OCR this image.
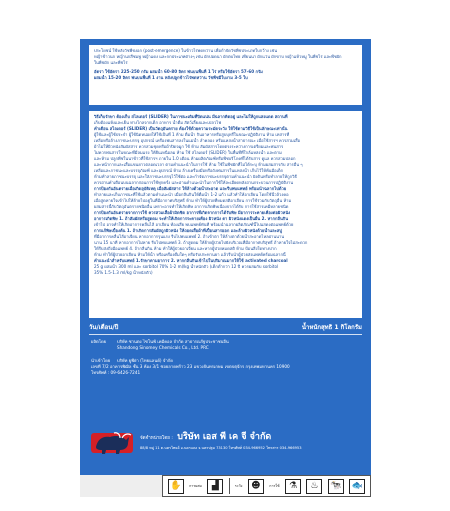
ประโยชน์ ใช้หลังวัชพืชงอก (post-emergence) ในข้าวไร่พดหว่าน เพื่อกำจัดวัชพืชประเภทใบกว้าง เช่น
หญ้าข้าวนก หญ้านกสีชมพู หญ้าแดง และกกประเภทต่างๆ เช่น ผักปอดนา ผักตบไทย เทียนนา ผักแว่น ผักขาบ หญ้าแห้วหมู ในพืชไร่ และพืชผัก
ในพืชผัก และพืชไร่
อัตรา ใช้อัตรา 225-250 กรัม ผสมน้ำ 60-80 ลิตร พ่นบนพื้นที่ 1 ไร่ หรือใช้อัตรา 57-60 กรัม
ผสมน้ำ 15-20 ลิตร พ่นบนพื้นที่ 1 งาน หลังปลูกข้าวไร่พดหว่าน วัชพืชมีใบงาม 3-5 ใบ
วิธีเก็บรักษา ต้องเก็บ สไลเดอร์ (SLIDER) ในภาชนะเดิมที่ปิดแน่น มีฉลากติดอยู่ และไม่ให้ถูกแสงแดด สถานที่
เก็บต้องแห้งและเย็น ห่างไกลจากเด็ก อาหาร น้ำดื่ม สัตว์เลี้ยงและเปลวไฟ
คำเตือน สไลเดอร์ (SLIDER) เป็นวัตถุอันตราย ต้องใช้ด้วยความระมัดระวัง ให้ใช้ตามวิธีใช้เป็นลักษณะเท่านั้น
ผู้ใช้และผู้ใช้ประจำ ผู้ใช้นิดหน่อยให้ใช้เป็นที่ 1 ห้าม ดื่มน้ำ กินอาหารหรือสูบบุหรี่ในขณะปฏิบัติงาน ห้าม เทสารที่
เหลือหรือล้างภาชนะบรรจุ อุปกรณ์ เครื่องพ่นสารลงในแม่น้ำ ลำคลอง หรือแหล่งน้ำสาธารณะ เมื่อใช้สารฯ ควรสวมเสื้อ
ผ้าไม่ให้ผิวหนังสัมผัสสาร ควรสวมชุดหรือผ้าปิดจมูก ใช้ ห้าม สัมผัสสารโดยตรงระหว่างการเตรียมและพ่นสาร
ไม่ควรพ่นสารในขณะที่มีลมแรง ให้ยืนเหนือลม ห้าม ใช้ สไลเดอร์ (SLIDER) ในพื้นที่ที่ใกล้แหล่งน้ำ และตาม
และห้าม ปลูกพืชในนาข้าวที่ใช้สารฯ ภายใน 1.0 เดือน ห้ามผลิตภัณฑ์หรือพืชบริโภคที่ได้รับสาร ดูแล ควรสวมปลอก
และหน้ากากและเสื้อแขนยาวตลอดเวลา ตามคำแนะนำในการใช้ ห้าม ใช้ในพืชผักที่ไม่ได้ระบุ ห้ามผสมสารกับ สารอื่น ๆ
เหลือและภาชนะและบรรจุภัณฑ์ และอุปกรณ์ ห้าม ล้างเครื่องมือหรือถังพ่นสารในแหล่งน้ำ เก็บไว้ให้พ้นมือเด็ก
ห้ามทำลายภาชนะบรรจุ และใส่ภาชนะบรรจุไว้ใช้ต่อ และกำจัดภาชนะบรรจุตามคำแนะนำ ฝังดินหรือทำลายให้ถูกวิธี
ควรอ่านคำเตือนบนฉลากก่อนการใช้ทุกครั้ง และอ่านคำแนะนำในการใช้ให้ละเอียดหลังอ่านกระบวนการปฏิบัติงาน
การป้องกันอันตรายเมื่อเกิดอุบัติเหตุ เมื่อสัมผัสสาร ให้ล้างด้วยน้ำสะอาด และรีบพบแพทย์ พร้อมนำฉลากไปด้วย
ทำลายและเก็บภาชนะที่ใช้แล้วตามคำแนะนำ เมื่อกลืนกินให้ดื่มน้ำ 1-2 แก้ว แล้วทำให้อาเจียน โดยใช้นิ้วล้วงคอ
เมื่อสูดหายใจเข้าไปให้ย้ายไปอยู่ในที่มีอากาศบริสุทธิ์ ห้าม ทำให้ผู้ป่วยที่หมดสติอาเจียน การใช้ร่วมกับวัตถุอื่น ห้าม
ผสมสารนี้กับวัตถุอันตรายชนิดอื่น เพราะอาจทำให้เกิดพิษ อาการเกิดพิษเนื่องจากได้รับ การใช้สารเคมีหลายชนิด
การป้องกันอันตรายจากการใช้ ควรสวมเสื้อผ้ามิดชิด อาการที่เกิดจากการได้รับพิษ มีอาการระคายเคืองต่อผิวหนัง
อาการเกิดพิษ 1. ถ้าสัมผัสหรือสูดดม จะทำให้เกิดการระคายเคือง ผิวหนัง ตา ผิวหนังแดงเป็นผื่น 2. หากกลืนกิน
เข้าไป อาจทำให้เกิดอาการคลื่นไส้ อาเจียน ท้องเสีย พบแพทย์ทันที พร้อมนำฉลากผลิตภัณฑ์นี้ไปแสดงต่อแพทย์ด้วย
การแก้พิษเบื้องต้น 1. ถ้าเกิดการสัมผัสถูกผิวหนัง ให้ถอดเสื้อผ้าที่เปื้อนสารออก และล้างผิวหนังด้วยน้ำและสบู่
ที่มีอาการคลื่นไส้อาเจียน หากอาการรุนแรง รีบไปพบแพทย์ 2. ถ้าเข้าตา ให้ล้างตาด้วยน้ำสะอาดไหลผ่านนาน
นาน 15 นาที หากอาการไม่หาย รีบไปพบแพทย์ 3. ถ้าสูดดม ให้ย้ายผู้ป่วยไปยังบริเวณที่มีอากาศบริสุทธิ์ ถ้าหายใจไม่สะดวก
ให้รีบส่งถึงมือแพทย์ 4. ถ้ากลืนกิน ห้าม ทำให้ผู้ป่วยอาเจียน และหากผู้ป่วยหมดสติ ห้าม ป้อนสิ่งใดทางปาก
ห้าม ทำให้ผู้ป่วยอาเจียน ห้ามให้น้ำ หรือเครื่องดื่มใดๆ หรือรับประทานยา แล้วรีบนำผู้ป่วยส่งแพทย์พร้อมฉลากนี้
คำแนะนำสำหรับแพทย์ 1.รักษาตามอาการ 2. หากกลืนกินเข้าไปในปริมาณมากให้ใช้ activated charcoal
25 g ผสมน้ำ 300 ml และ sorbitol 70% 1-2 ml/kg น้ำหนักตัว (เด็กต่ำกว่า 12 ปี ควรผสมกับ sorbitol
35% 1.5-1.3 ml/kg น้ำหนักตัว)
วัน/เดือน/ปี	น้ำหนักสุทธิ 1 กิโลกรัม
ผลิตโดย	บริษัท ซานตง ไซโนฟ์ เคมีคอล จำกัด สาธารณรัฐประชาชนจีน
Shandong Sinomey Chemicals Co., Ltd. PRC
นำเข้าโดย	บริษัท ยูพีย่า (ไทยแลนด์) จำกัด
เลขที่ 7/2 อาคารพิฒิล ชั้น 3 ห้อง 3/1 ซอยลาดพร้าว 23 แขวงจันทรเกษม เขตจตุจักร กรุงเทพมหานคร 10900
โทรศัพท์ : 09-6426-7241
จัดจำหน่ายโดย : บริษัท เอส พี เค จี จำกัด
88/8 หมู่ 11 ต.นครไทยอ้ อ.นครแดง จ.นครปฐม 73130 โทรศัพท์ 034-966952 โทรสาร 034-966953
✋	การผสม	▟	ระวัง ☻	การใช้	⚗	♨	🐄 🐟
